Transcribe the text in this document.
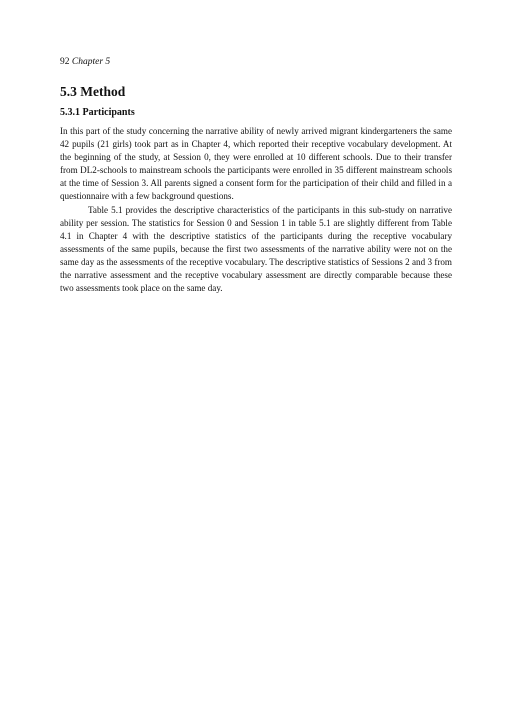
92 Chapter 5
5.3 Method
5.3.1 Participants

In this part of the study concerning the narrative ability of newly arrived migrant kindergarteners the same 42 pupils (21 girls) took part as in Chapter 4, which reported their receptive vocabulary development. At the beginning of the study, at Session 0, they were enrolled at 10 different schools. Due to their transfer from DL2-schools to mainstream schools the participants were enrolled in 35 different mainstream schools at the time of Session 3. All parents signed a consent form for the participation of their child and filled in a questionnaire with a few background questions.

Table 5.1 provides the descriptive characteristics of the participants in this sub-study on narrative ability per session. The statistics for Session 0 and Session 1 in table 5.1 are slightly different from Table 4.1 in Chapter 4 with the descriptive statistics of the participants during the receptive vocabulary assessments of the same pupils, because the first two assessments of the narrative ability were not on the same day as the assessments of the receptive vocabulary. The descriptive statistics of Sessions 2 and 3 from the narrative assessment and the receptive vocabulary assessment are directly comparable because these two assessments took place on the same day.
